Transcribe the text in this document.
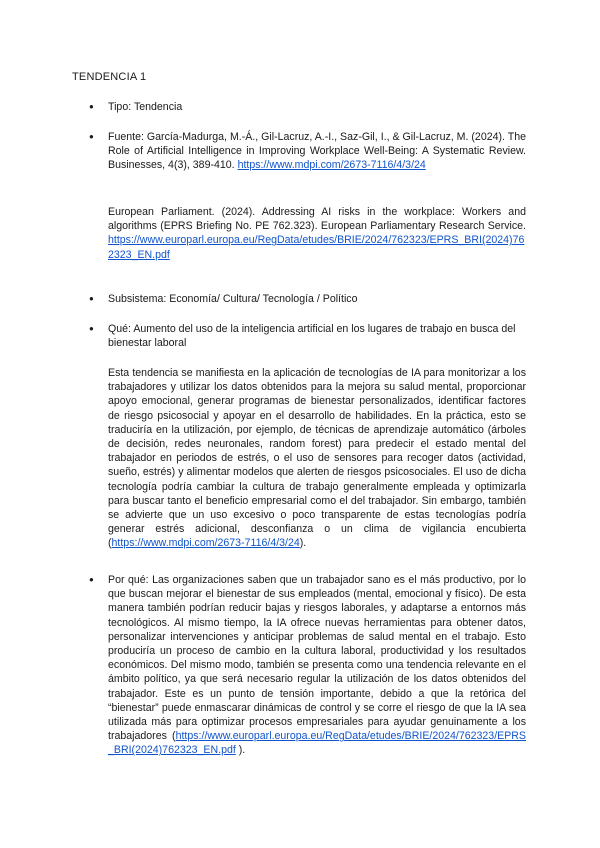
TENDENCIA 1
● Tipo: Tendencia
● Fuente: García-Madurga, M.-Á., Gil-Lacruz, A.-I., Saz-Gil, I., & Gil-Lacruz, M. (2024). The Role of Artificial Intelligence in Improving Workplace Well-Being: A Systematic Review. Businesses, 4(3), 389-410. https://www.mdpi.com/2673-7116/4/3/24

European Parliament. (2024). Addressing AI risks in the workplace: Workers and algorithms (EPRS Briefing No. PE 762.323). European Parliamentary Research Service. https://www.europarl.europa.eu/RegData/etudes/BRIE/2024/762323/EPRS_BRI(2024)762323_EN.pdf
● Subsistema: Economía/ Cultura/ Tecnología / Político
● Qué: Aumento del uso de la inteligencia artificial en los lugares de trabajo en busca del bienestar laboral
Esta tendencia se manifiesta en la aplicación de tecnologías de IA para monitorizar a los trabajadores y utilizar los datos obtenidos para la mejora su salud mental, proporcionar apoyo emocional, generar programas de bienestar personalizados, identificar factores de riesgo psicosocial y apoyar en el desarrollo de habilidades. En la práctica, esto se traduciría en la utilización, por ejemplo, de técnicas de aprendizaje automático (árboles de decisión, redes neuronales, random forest) para predecir el estado mental del trabajador en periodos de estrés, o el uso de sensores para recoger datos (actividad, sueño, estrés) y alimentar modelos que alerten de riesgos psicosociales. El uso de dicha tecnología podría cambiar la cultura de trabajo generalmente empleada y optimizarla para buscar tanto el beneficio empresarial como el del trabajador. Sin embargo, también se advierte que un uso excesivo o poco transparente de estas tecnologías podría generar estrés adicional, desconfianza o un clima de vigilancia encubierta (https://www.mdpi.com/2673-7116/4/3/24).
● Por qué: Las organizaciones saben que un trabajador sano es el más productivo, por lo que buscan mejorar el bienestar de sus empleados (mental, emocional y físico). De esta manera también podrían reducir bajas y riesgos laborales, y adaptarse a entornos más tecnológicos. Al mismo tiempo, la IA ofrece nuevas herramientas para obtener datos, personalizar intervenciones y anticipar problemas de salud mental en el trabajo. Esto produciría un proceso de cambio en la cultura laboral, productividad y los resultados económicos. Del mismo modo, también se presenta como una tendencia relevante en el ámbito político, ya que será necesario regular la utilización de los datos obtenidos del trabajador. Este es un punto de tensión importante, debido a que la retórica del “bienestar” puede enmascarar dinámicas de control y se corre el riesgo de que la IA sea utilizada más para optimizar procesos empresariales para ayudar genuinamente a los trabajadores (https://www.europarl.europa.eu/RegData/etudes/BRIE/2024/762323/EPRS_BRI(2024)762323_EN.pdf ).
